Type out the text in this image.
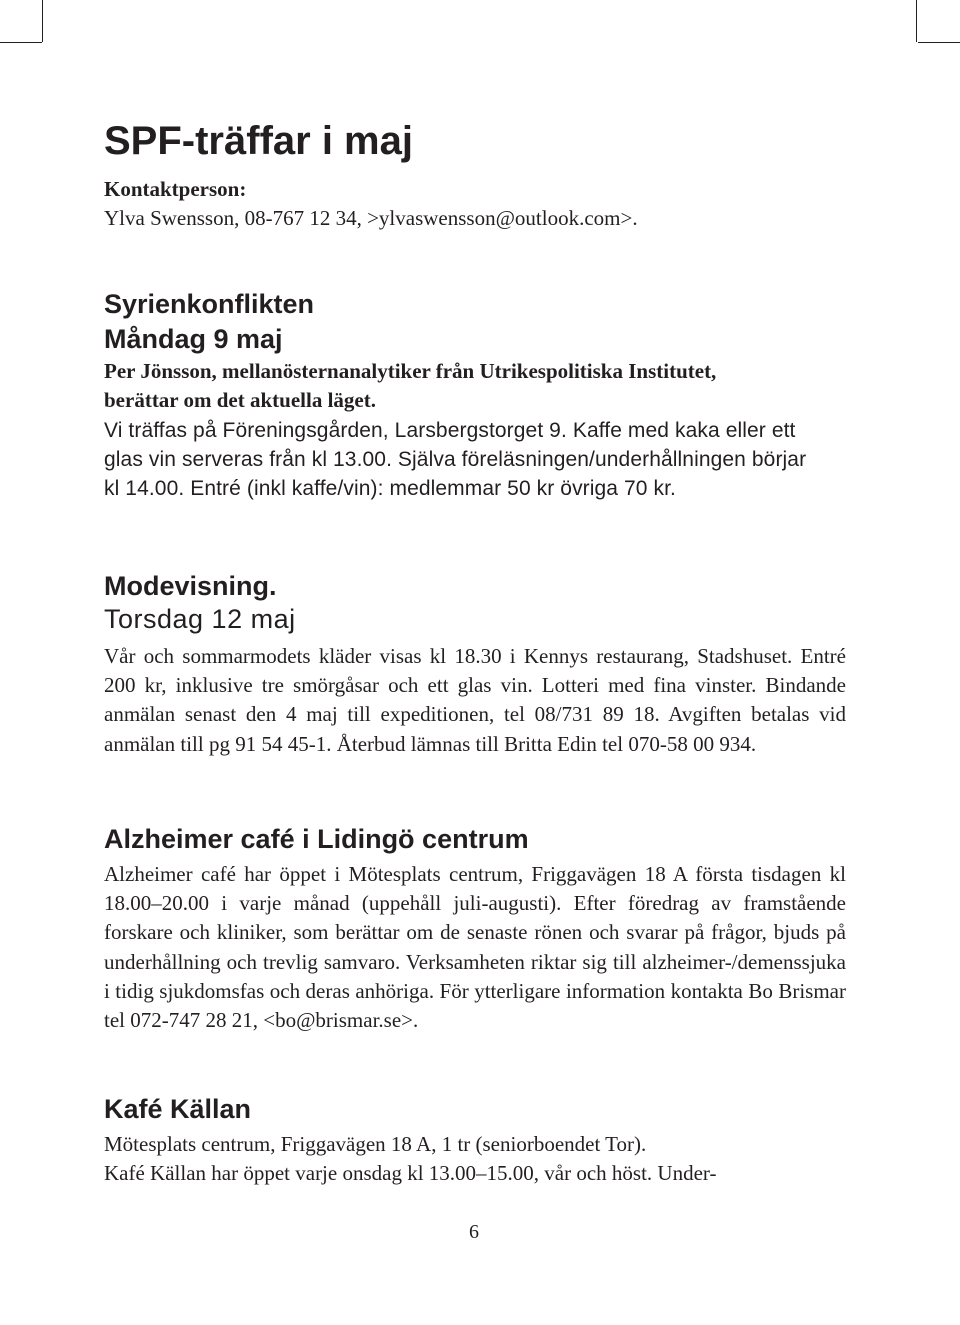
SPF-träffar i maj
Kontaktperson:
Ylva Swensson, 08-767 12 34, >ylvaswensson@outlook.com>.
Syrienkonflikten
Måndag 9 maj
Per Jönsson, mellanösternanalytiker från Utrikespolitiska Institutet,
berättar om det aktuella läget.
Vi träffas på Föreningsgården, Larsbergstorget 9. Kaffe med kaka eller ett
glas vin serveras från kl 13.00. Själva föreläsningen/underhållningen börjar
kl 14.00. Entré (inkl kaffe/vin): medlemmar 50 kr övriga 70 kr.
Modevisning.
Torsdag 12 maj
Vår och sommarmodets kläder visas kl 18.30 i Kennys restaurang, Stadshuset. Entré 200 kr, inklusive tre smörgåsar och ett glas vin. Lotteri med fina vinster. Bindande anmälan senast den 4 maj till expeditionen, tel 08/731 89 18. Avgiften betalas vid anmälan till pg 91 54 45-1. Återbud lämnas till Britta Edin tel 070-58 00 934.
Alzheimer café i Lidingö centrum
Alzheimer café har öppet i Mötesplats centrum, Friggavägen 18 A första tisdagen kl 18.00–20.00 i varje månad (uppehåll juli-augusti). Efter föredrag av framstående forskare och kliniker, som berättar om de senaste rönen och svarar på frågor, bjuds på underhållning och trevlig samvaro. Verksamheten riktar sig till alzheimer-/demenssjuka i tidig sjukdomsfas och deras anhöriga. För ytterligare information kontakta Bo Brismar tel 072-747 28 21, <bo@brismar.se>.
Kafé Källan
Mötesplats centrum, Friggavägen 18 A, 1 tr (seniorboendet Tor).
Kafé Källan har öppet varje onsdag kl 13.00–15.00, vår och höst. Under-
6
